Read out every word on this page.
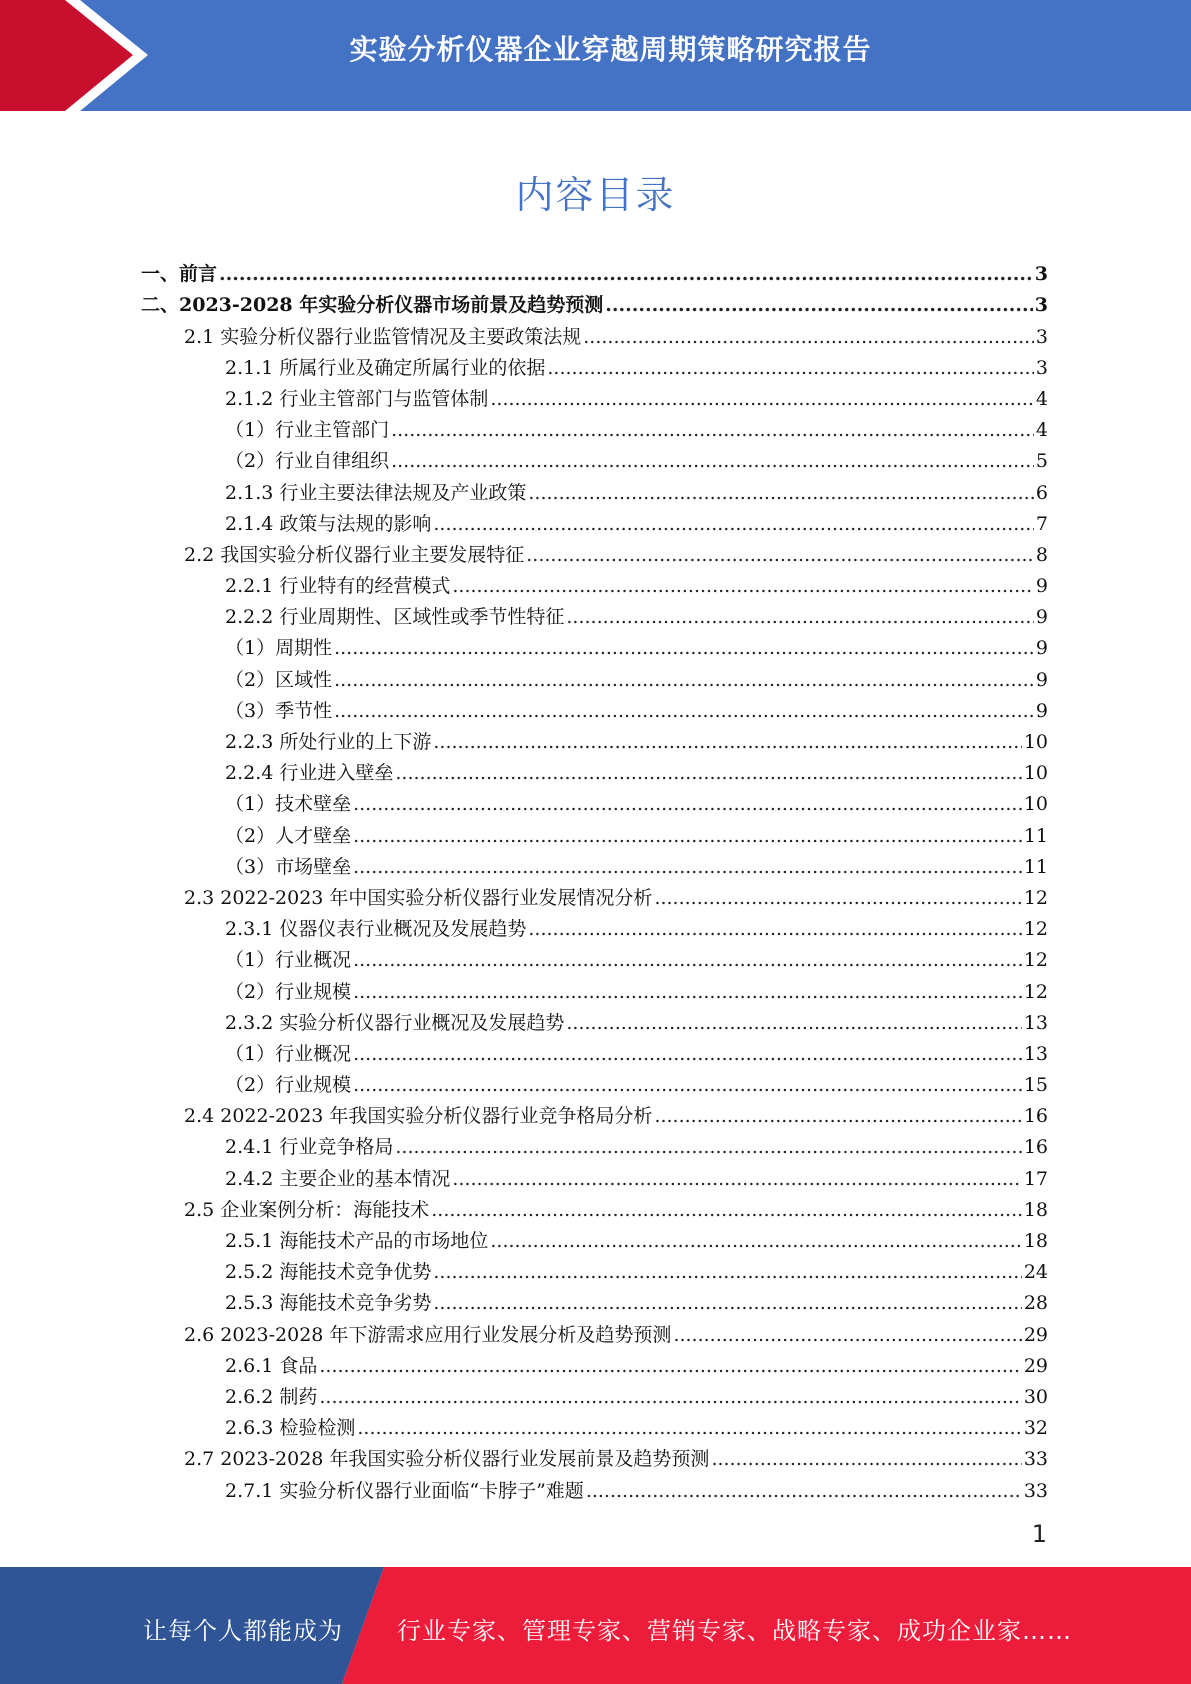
实验分析仪器企业穿越周期策略研究报告
内容目录
一、前言 .....	3
二、2023-2028 年实验分析仪器市场前景及趋势预测 .....	3
2.1 实验分析仪器行业监管情况及主要政策法规 .....	3
2.1.1 所属行业及确定所属行业的依据 .....	3
2.1.2 行业主管部门与监管体制 .....	4
（1）行业主管部门 .....	4
（2）行业自律组织 .....	5
2.1.3 行业主要法律法规及产业政策 .....	6
2.1.4 政策与法规的影响 .....	7
2.2 我国实验分析仪器行业主要发展特征 .....	8
2.2.1 行业特有的经营模式 .....	9
2.2.2 行业周期性、区域性或季节性特征 .....	9
（1）周期性 .....	9
（2）区域性 .....	9
（3）季节性 .....	9
2.2.3 所处行业的上下游 .....	10
2.2.4 行业进入壁垒 .....	10
（1）技术壁垒 .....	10
（2）人才壁垒 .....	11
（3）市场壁垒 .....	11
2.3 2022-2023 年中国实验分析仪器行业发展情况分析 .....	12
2.3.1 仪器仪表行业概况及发展趋势 .....	12
（1）行业概况 .....	12
（2）行业规模 .....	12
2.3.2 实验分析仪器行业概况及发展趋势 .....	13
（1）行业概况 .....	13
（2）行业规模 .....	15
2.4 2022-2023 年我国实验分析仪器行业竞争格局分析 .....	16
2.4.1 行业竞争格局 .....	16
2.4.2 主要企业的基本情况 .....	17
2.5 企业案例分析：海能技术 .....	18
2.5.1 海能技术产品的市场地位 .....	18
2.5.2 海能技术竞争优势 .....	24
2.5.3 海能技术竞争劣势 .....	28
2.6 2023-2028 年下游需求应用行业发展分析及趋势预测 .....	29
2.6.1 食品 .....	29
2.6.2 制药 .....	30
2.6.3 检验检测 .....	32
2.7 2023-2028 年我国实验分析仪器行业发展前景及趋势预测 .....	33
2.7.1 实验分析仪器行业面临“卡脖子”难题 .....	33
1
让每个人都能成为 行业专家、管理专家、营销专家、战略专家、成功企业家……
